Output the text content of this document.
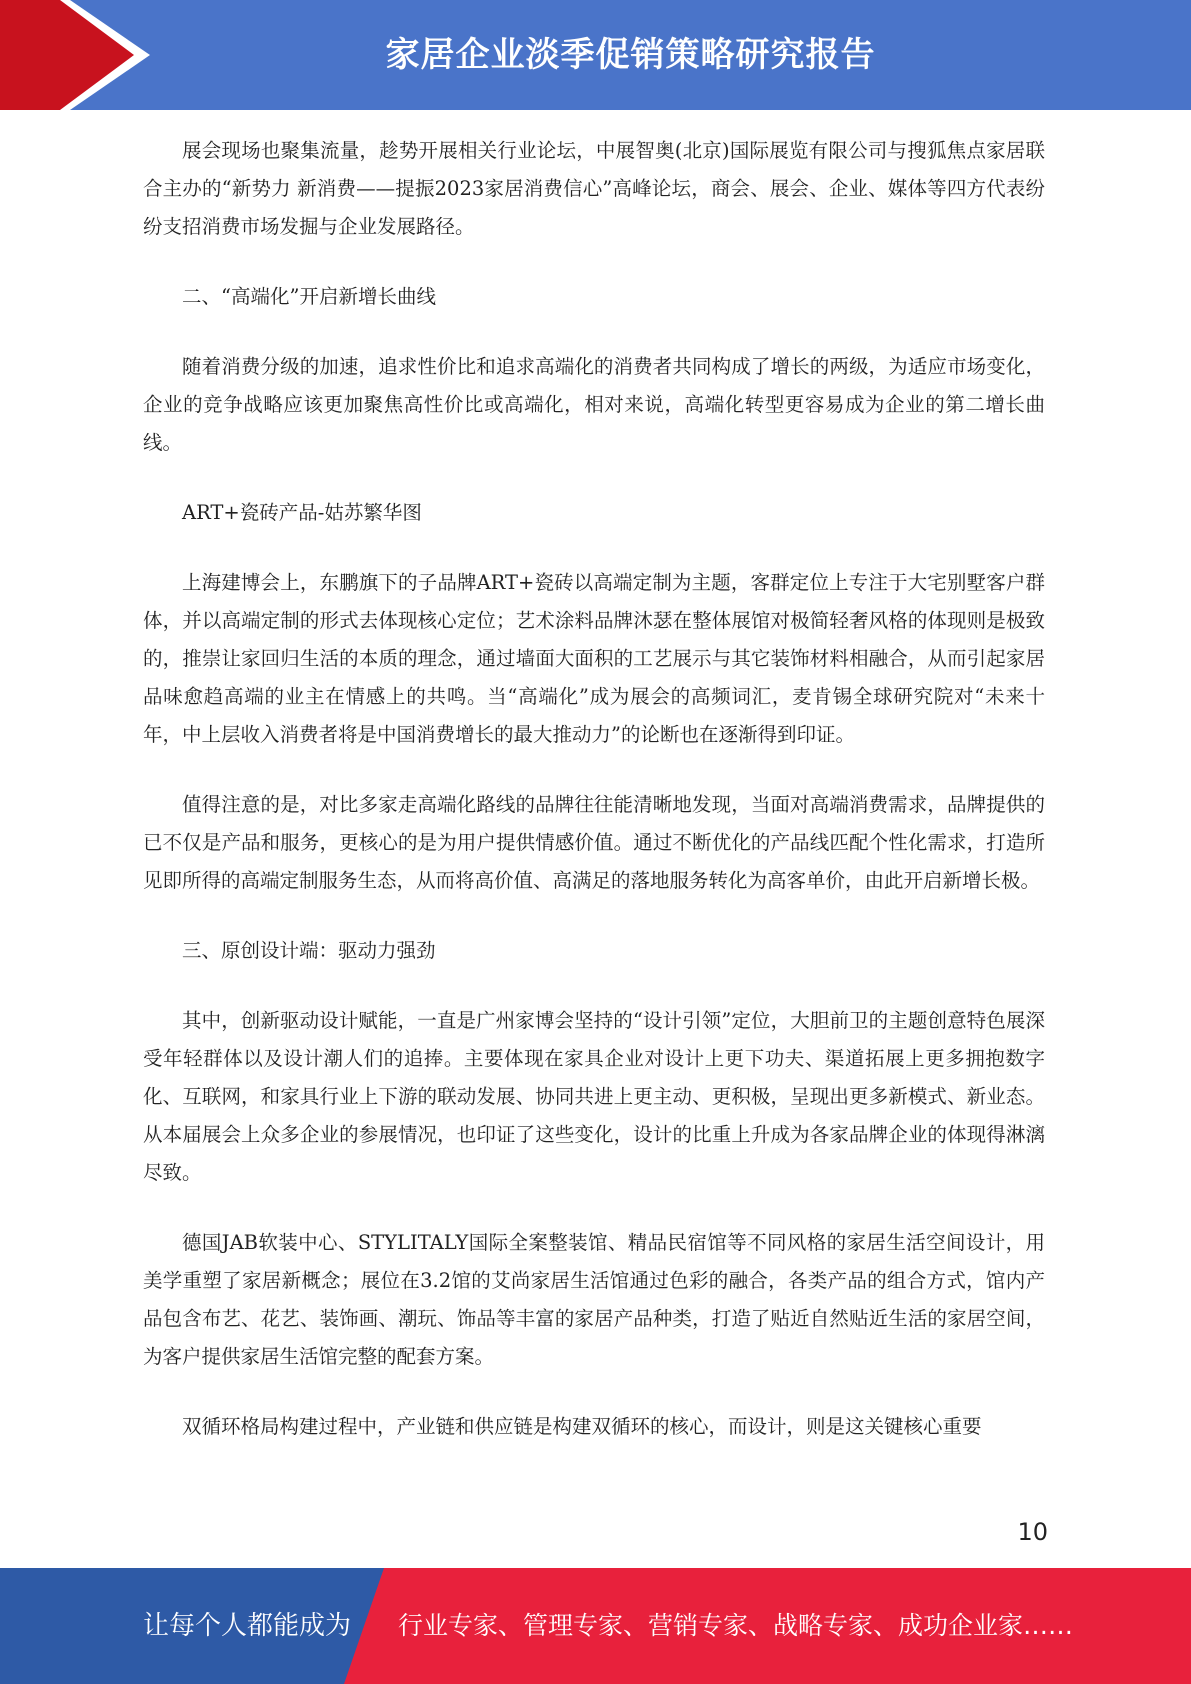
家居企业淡季促销策略研究报告

展会现场也聚集流量，趁势开展相关行业论坛，中展智奥(北京)国际展览有限公司与搜狐焦点家居联合主办的“新势力 新消费——提振2023家居消费信心”高峰论坛，商会、展会、企业、媒体等四方代表纷纷支招消费市场发掘与企业发展路径。

二、“高端化”开启新增长曲线

随着消费分级的加速，追求性价比和追求高端化的消费者共同构成了增长的两级，为适应市场变化，企业的竞争战略应该更加聚焦高性价比或高端化，相对来说，高端化转型更容易成为企业的第二增长曲线。

ART+瓷砖产品-姑苏繁华图

上海建博会上，东鹏旗下的子品牌ART+瓷砖以高端定制为主题，客群定位上专注于大宅别墅客户群体，并以高端定制的形式去体现核心定位；艺术涂料品牌沐瑟在整体展馆对极简轻奢风格的体现则是极致的，推崇让家回归生活的本质的理念，通过墙面大面积的工艺展示与其它装饰材料相融合，从而引起家居品味愈趋高端的业主在情感上的共鸣。当“高端化”成为展会的高频词汇，麦肯锡全球研究院对“未来十年，中上层收入消费者将是中国消费增长的最大推动力”的论断也在逐渐得到印证。

值得注意的是，对比多家走高端化路线的品牌往往能清晰地发现，当面对高端消费需求，品牌提供的已不仅是产品和服务，更核心的是为用户提供情感价值。通过不断优化的产品线匹配个性化需求，打造所见即所得的高端定制服务生态，从而将高价值、高满足的落地服务转化为高客单价，由此开启新增长极。

三、原创设计端：驱动力强劲

其中，创新驱动设计赋能，一直是广州家博会坚持的“设计引领”定位，大胆前卫的主题创意特色展深受年轻群体以及设计潮人们的追捧。主要体现在家具企业对设计上更下功夫、渠道拓展上更多拥抱数字化、互联网，和家具行业上下游的联动发展、协同共进上更主动、更积极，呈现出更多新模式、新业态。从本届展会上众多企业的参展情况，也印证了这些变化，设计的比重上升成为各家品牌企业的体现得淋漓尽致。

德国JAB软装中心、STYLITALY国际全案整装馆、精品民宿馆等不同风格的家居生活空间设计，用美学重塑了家居新概念；展位在3.2馆的艾尚家居生活馆通过色彩的融合，各类产品的组合方式，馆内产品包含布艺、花艺、装饰画、潮玩、饰品等丰富的家居产品种类，打造了贴近自然贴近生活的家居空间，为客户提供家居生活馆完整的配套方案。

双循环格局构建过程中，产业链和供应链是构建双循环的核心，而设计，则是这关键核心重要

10
让每个人都能成为 行业专家、管理专家、营销专家、战略专家、成功企业家……
